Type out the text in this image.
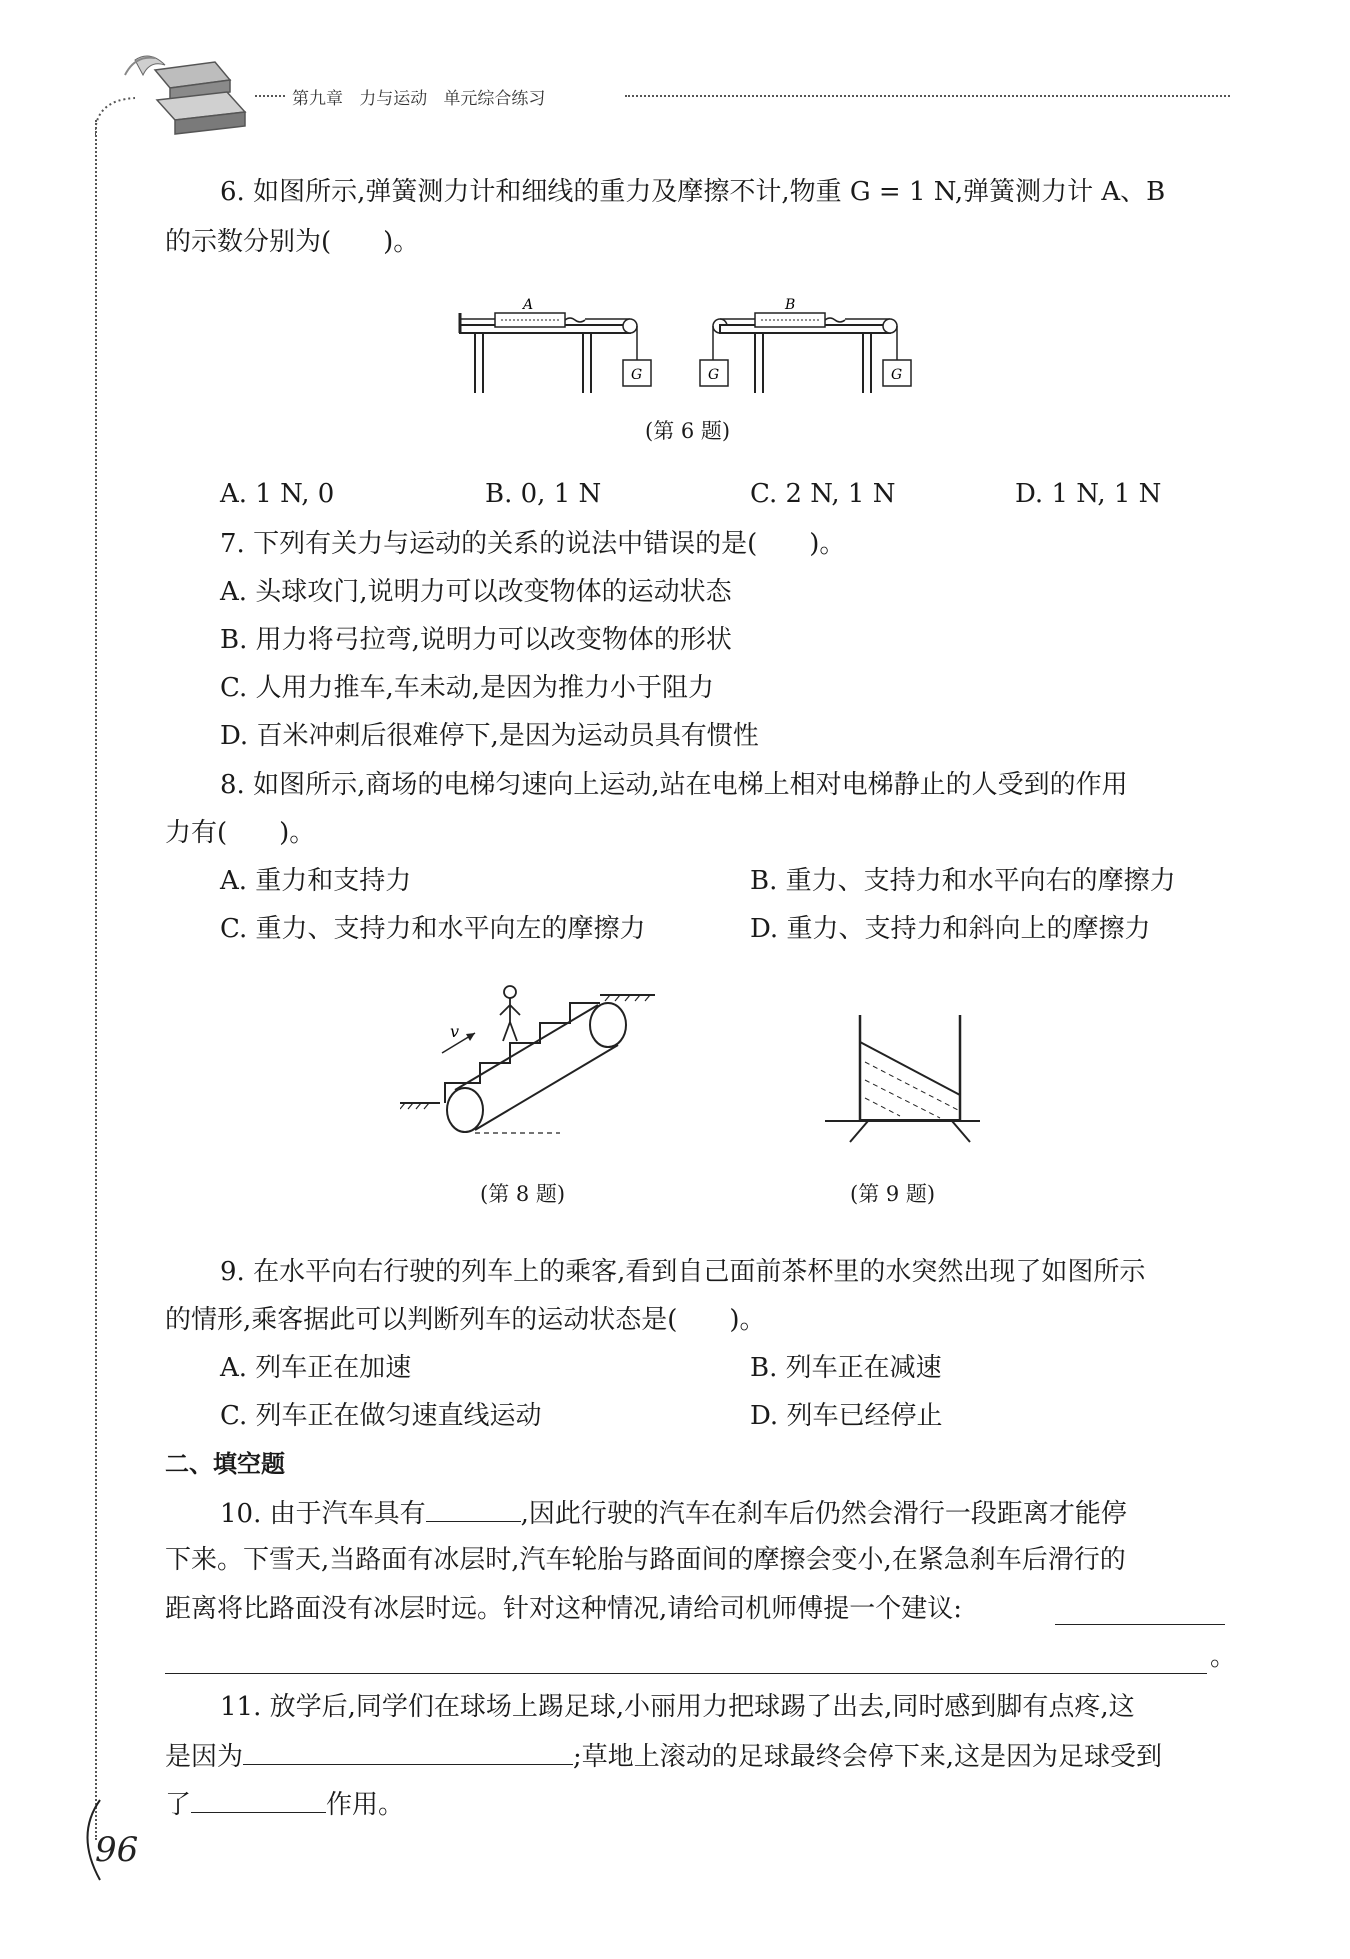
第九章 力与运动 单元综合练习
6. 如图所示,弹簧测力计和细线的重力及摩擦不计,物重 G = 1 N,弹簧测力计 A、B
的示数分别为(　　)。
A
G	G
B
G
(第 6 题)
A. 1 N, 0	B. 0, 1 N	C. 2 N, 1 N	D. 1 N, 1 N
7. 下列有关力与运动的关系的说法中错误的是(　　)。
A. 头球攻门,说明力可以改变物体的运动状态
B. 用力将弓拉弯,说明力可以改变物体的形状
C. 人用力推车,车未动,是因为推力小于阻力
D. 百米冲刺后很难停下,是因为运动员具有惯性
8. 如图所示,商场的电梯匀速向上运动,站在电梯上相对电梯静止的人受到的作用
力有(　　)。
A. 重力和支持力	B. 重力、支持力和水平向右的摩擦力
C. 重力、支持力和水平向左的摩擦力	D. 重力、支持力和斜向上的摩擦力
v
(第 8 题)	(第 9 题)
9. 在水平向右行驶的列车上的乘客,看到自己面前茶杯里的水突然出现了如图所示
的情形,乘客据此可以判断列车的运动状态是(　　)。
A. 列车正在加速	B. 列车正在减速
C. 列车正在做匀速直线运动	D. 列车已经停止
二、填空题
10. 由于汽车具有	,因此行驶的汽车在刹车后仍然会滑行一段距离才能停
下来。下雪天,当路面有冰层时,汽车轮胎与路面间的摩擦会变小,在紧急刹车后滑行的
距离将比路面没有冰层时远。针对这种情况,请给司机师傅提一个建议:
。
11. 放学后,同学们在球场上踢足球,小丽用力把球踢了出去,同时感到脚有点疼,这
是因为	;草地上滚动的足球最终会停下来,这是因为足球受到
了	作用。
96
